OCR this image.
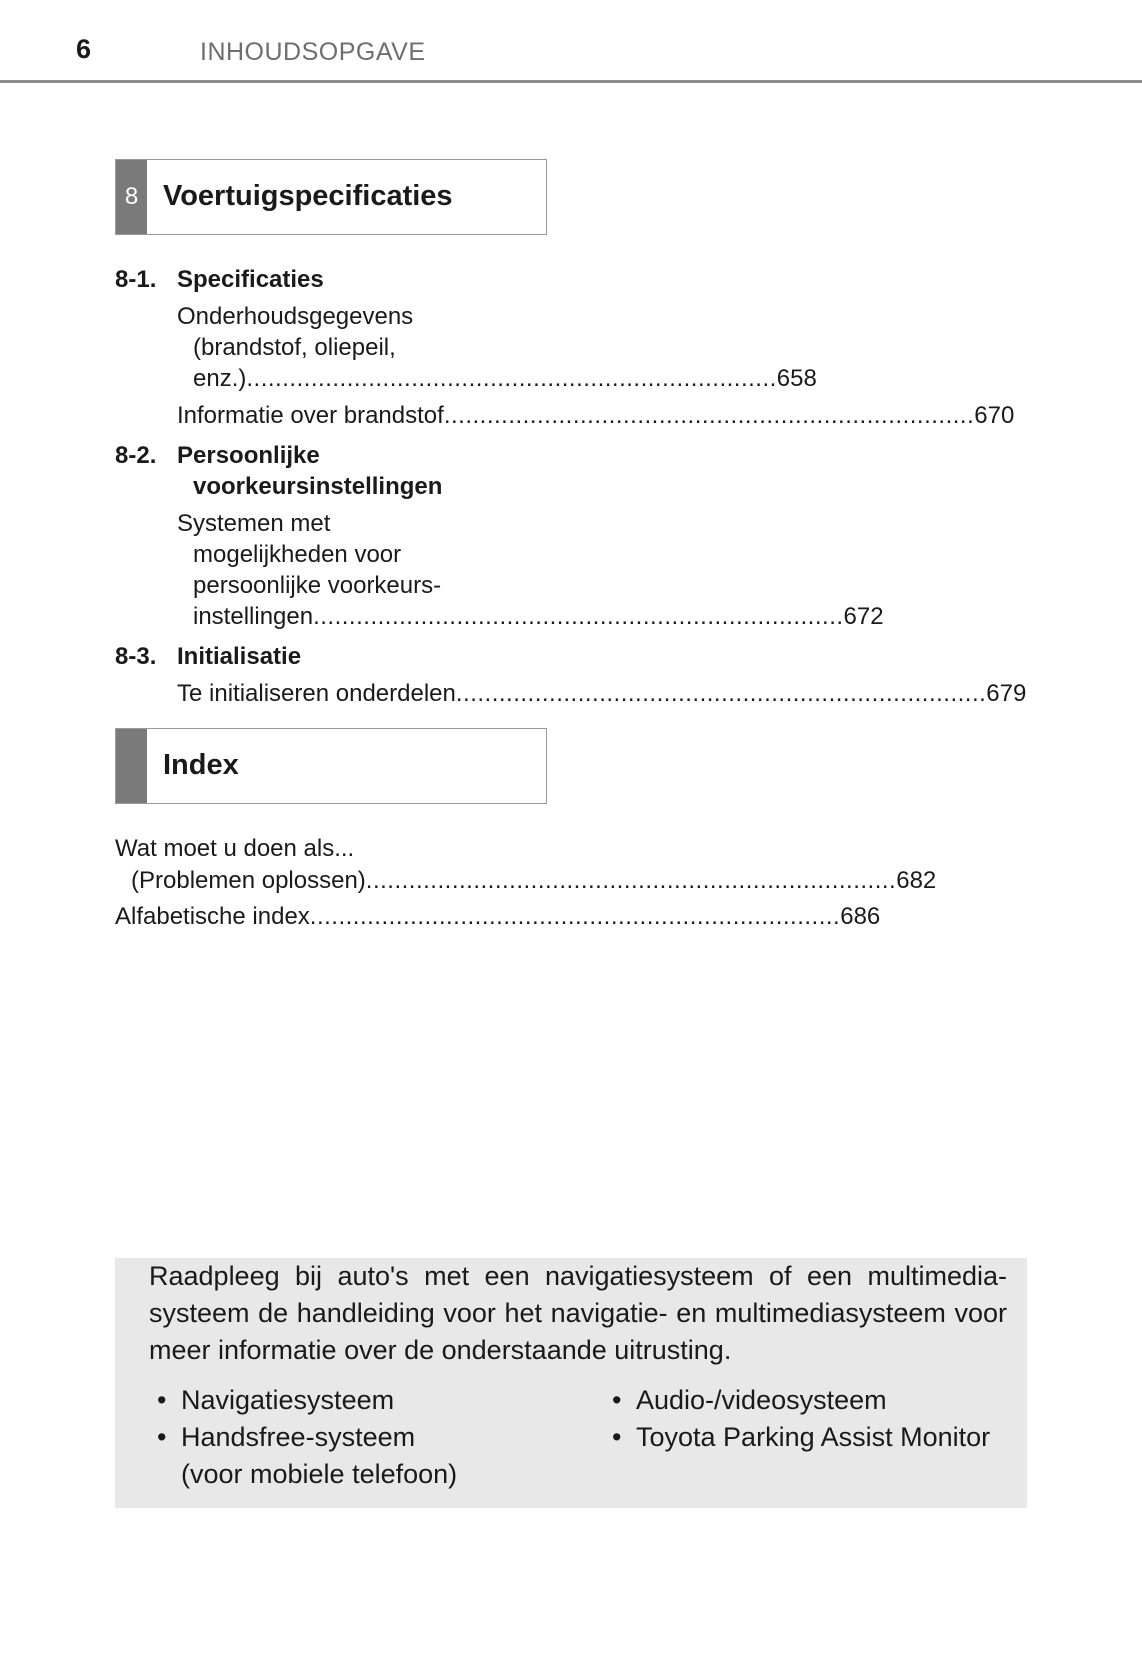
6	INHOUDSOPGAVE
8 Voertuigspecificaties
8-1. Specificaties
Onderhoudsgegevens
(brandstof, oliepeil,
enz.) .......................................................................... 658
Informatie over brandstof .......................................................................... 670
8-2. Persoonlijke
voorkeursinstellingen
Systemen met
mogelijkheden voor
persoonlijke voorkeurs-
instellingen .......................................................................... 672
8-3. Initialisatie
Te initialiseren onderdelen .......................................................................... 679
Index
Wat moet u doen als...
(Problemen oplossen) .......................................................................... 682
Alfabetische index .......................................................................... 686
Raadpleeg bij auto's met een navigatiesysteem of een multimedia-systeem de handleiding voor het navigatie- en multimediasysteem voor meer informatie over de onderstaande uitrusting.
• Navigatiesysteem
• Handsfree-systeem
(voor mobiele telefoon)
• Audio-/videosysteem
• Toyota Parking Assist Monitor
